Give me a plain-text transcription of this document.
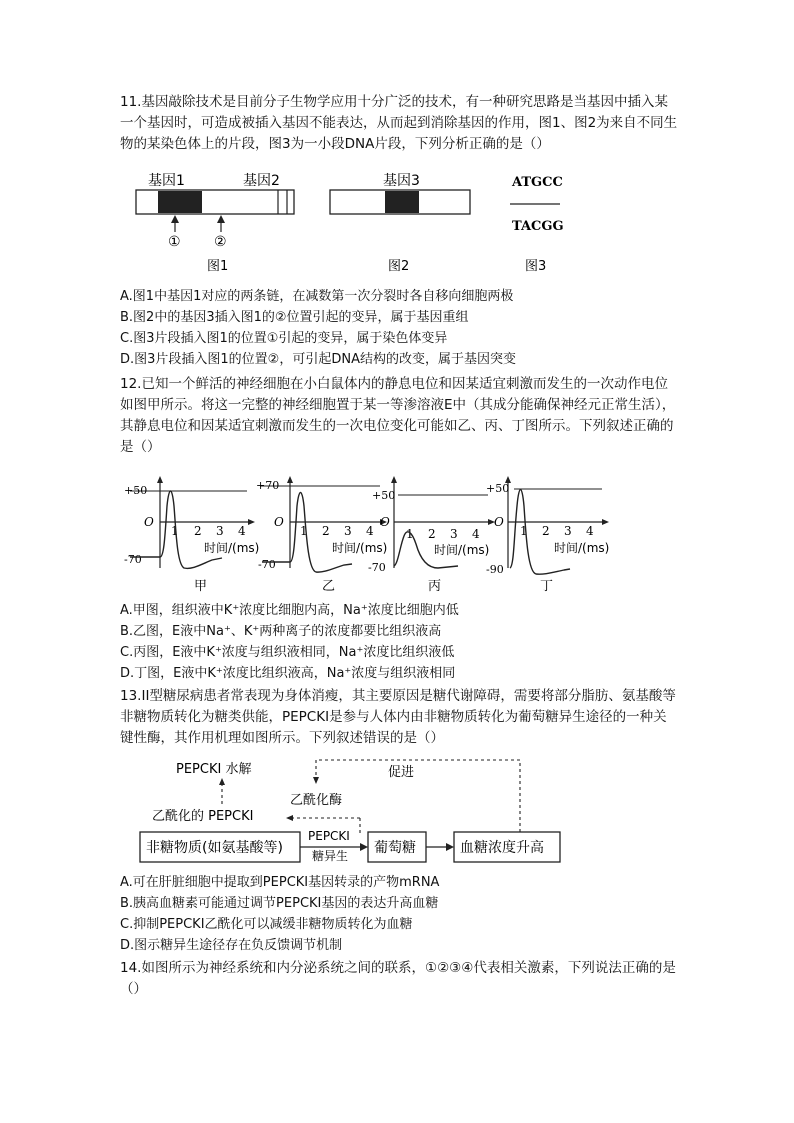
11.基因敲除技术是目前分子生物学应用十分广泛的技术，有一种研究思路是当基因中插入某一个基因时，可造成被插入基因不能表达，从而起到消除基因的作用，图1、图2为来自不同生物的某染色体上的片段，图3为一小段DNA片段，下列分析正确的是（）

基因1	基因2
① ②
图1
基因3
图2
ATGCC
TACGG
图3

A.图1中基因1对应的两条链，在减数第一次分裂时各自移向细胞两极

B.图2中的基因3插入图1的②位置引起的变异，属于基因重组

C.图3片段插入图1的位置①引起的变异，属于染色体变异

D.图3片段插入图1的位置②，可引起DNA结构的改变，属于基因突变

12.已知一个鲜活的神经细胞在小白鼠体内的静息电位和因某适宜刺激而发生的一次动作电位如图甲所示。将这一完整的神经细胞置于某一等渗溶液E中（其成分能确保神经元正常生活），其静息电位和因某适宜刺激而发生的一次电位变化可能如乙、丙、丁图所示。下列叙述正确的是（）

+50
O
-70
1 2 3 4
时间/(ms)
甲
+70
O
-70
1 2 3 4
时间/(ms)
乙
+50
O
-70
1 2 3 4
时间/(ms)
丙
+50
O
-90
1 2 3 4
时间/(ms)
丁

A.甲图，组织液中K⁺浓度比细胞内高，Na⁺浓度比细胞内低

B.乙图，E液中Na⁺、K⁺两种离子的浓度都要比组织液高

C.丙图，E液中K⁺浓度与组织液相同，Na⁺浓度比组织液低

D.丁图，E液中K⁺浓度比组织液高，Na⁺浓度与组织液相同

13.II型糖尿病患者常表现为身体消瘦，其主要原因是糖代谢障碍，需要将部分脂肪、氨基酸等非糖物质转化为糖类供能，PEPCKI是参与人体内由非糖物质转化为葡萄糖异生途径的一种关键性酶，其作用机理如图所示。下列叙述错误的是（）

PEPCKI 水解	促进
乙酰化酶
乙酰化的 PEPCKI
PEPCKI
糖异生
非糖物质(如氨基酸等)	葡萄糖	血糖浓度升高

A.可在肝脏细胞中提取到PEPCKI基因转录的产物mRNA

B.胰高血糖素可能通过调节PEPCKI基因的表达升高血糖

C.抑制PEPCKI乙酰化可以减缓非糖物质转化为血糖

D.图示糖异生途径存在负反馈调节机制

14.如图所示为神经系统和内分泌系统之间的联系，①②③④代表相关激素，下列说法正确的是（）
